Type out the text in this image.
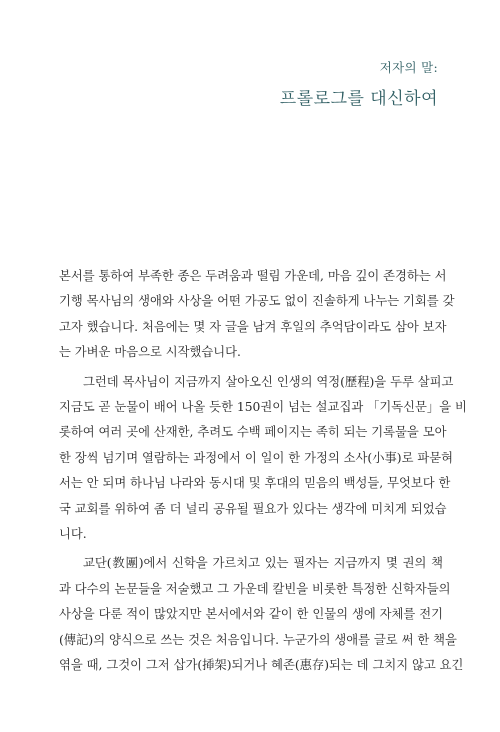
저자의 말:
프롤로그를 대신하여

본서를 통하여 부족한 종은 두려움과 떨림 가운데, 마음 깊이 존경하는 서
기행 목사님의 생애와 사상을 어떤 가공도 없이 진솔하게 나누는 기회를 갖
고자 했습니다. 처음에는 몇 자 글을 남겨 후일의 추억담이라도 삼아 보자
는 가벼운 마음으로 시작했습니다.

그런데 목사님이 지금까지 살아오신 인생의 역정(歷程)을 두루 살피고
지금도 곧 눈물이 배어 나올 듯한 150권이 넘는 설교집과 「기독신문」을 비
롯하여 여러 곳에 산재한, 추려도 수백 페이지는 족히 되는 기록물을 모아
한 장씩 넘기며 열람하는 과정에서 이 일이 한 가정의 소사(小事)로 파묻혀
서는 안 되며 하나님 나라와 동시대 및 후대의 믿음의 백성들, 무엇보다 한
국 교회를 위하여 좀 더 널리 공유될 필요가 있다는 생각에 미치게 되었습
니다.

교단(教團)에서 신학을 가르치고 있는 필자는 지금까지 몇 권의 책
과 다수의 논문들을 저술했고 그 가운데 칼빈을 비롯한 특정한 신학자들의
사상을 다룬 적이 많았지만 본서에서와 같이 한 인물의 생에 자체를 전기
(傳記)의 양식으로 쓰는 것은 처음입니다. 누군가의 생애를 글로 써 한 책을
엮을 때, 그것이 그저 삽가(揷架)되거나 혜존(惠存)되는 데 그치지 않고 요긴
